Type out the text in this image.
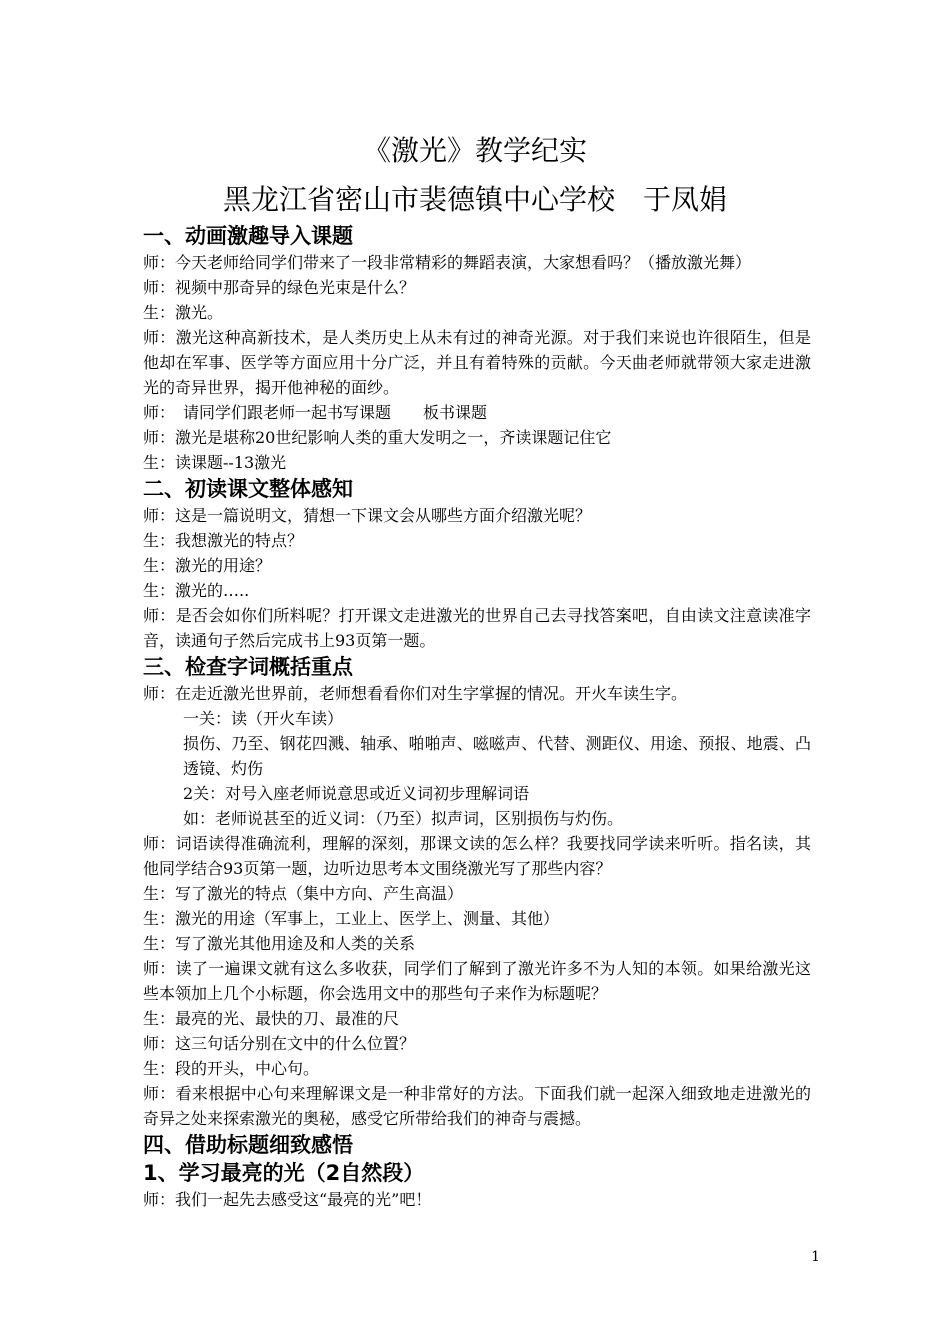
《激光》教学纪实
黑龙江省密山市裴德镇中心学校　于凤娟

一、动画激趣导入课题

师：今天老师给同学们带来了一段非常精彩的舞蹈表演，大家想看吗？（播放激光舞）

师：视频中那奇异的绿色光束是什么？

生：激光。

师：激光这种高新技术，是人类历史上从未有过的神奇光源。对于我们来说也许很陌生，但是他却在军事、医学等方面应用十分广泛，并且有着特殊的贡献。今天曲老师就带领大家走进激光的奇异世界，揭开他神秘的面纱。

师：　请同学们跟老师一起书写课题　　板书课题

师：激光是堪称20世纪影响人类的重大发明之一，齐读课题记住它

生：读课题--13激光

二、初读课文整体感知

师：这是一篇说明文，猜想一下课文会从哪些方面介绍激光呢？

生：我想激光的特点？

生：激光的用途？

生：激光的…..

师：是否会如你们所料呢？打开课文走进激光的世界自己去寻找答案吧，自由读文注意读准字音，读通句子然后完成书上93页第一题。

三、检查字词概括重点

师：在走近激光世界前，老师想看看你们对生字掌握的情况。开火车读生字。

一关：读（开火车读）

损伤、乃至、钢花四溅、轴承、啪啪声、嗞嗞声、代替、测距仪、用途、预报、地震、凸透镜、灼伤

2关：对号入座老师说意思或近义词初步理解词语

如：老师说甚至的近义词：（乃至）拟声词，区别损伤与灼伤。

师：词语读得准确流利，理解的深刻，那课文读的怎么样？我要找同学读来听听。指名读，其他同学结合93页第一题，边听边思考本文围绕激光写了那些内容？

生：写了激光的特点（集中方向、产生高温）

生：激光的用途（军事上，工业上、医学上、测量、其他）

生：写了激光其他用途及和人类的关系

师：读了一遍课文就有这么多收获，同学们了解到了激光许多不为人知的本领。如果给激光这些本领加上几个小标题，你会选用文中的那些句子来作为标题呢？

生：最亮的光、最快的刀、最准的尺

师：这三句话分别在文中的什么位置？

生：段的开头，中心句。

师：看来根据中心句来理解课文是一种非常好的方法。下面我们就一起深入细致地走进激光的奇异之处来探索激光的奥秘，感受它所带给我们的神奇与震撼。

四、借助标题细致感悟

1、学习最亮的光（2自然段）

师：我们一起先去感受这“最亮的光”吧！

1
